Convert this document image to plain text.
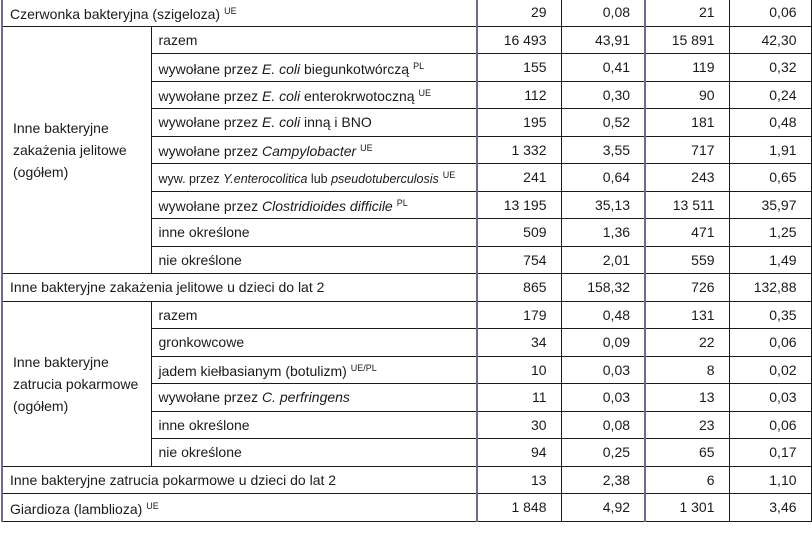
Czerwonka bakteryjna (szigeloza) $^{UE}$		29	0,08	21	0,06

Inne bakteryjne
zakażenia jelitowe
(ogółem)	razem	16 493	43,91	15 891	42,30
	wywołane przez E. coli biegunkotwórczą $^{PL}$	155	0,41	119	0,32
	wywołane przez E. coli enterokrwotoczną $^{UE}$	112	0,30	90	0,24
	wywołane przez E. coli inną i BNO	195	0,52	181	0,48
	wywołane przez Campylobacter $^{UE}$	1 332	3,55	717	1,91
	wyw. przez Y.enterocolitica lub pseudotuberculosis $^{UE}$	241	0,64	243	0,65
	wywołane przez Clostridioides difficile $^{PL}$	13 195	35,13	13 511	35,97
	inne określone	509	1,36	471	1,25
	nie określone	754	2,01	559	1,49
Inne bakteryjne zakażenia jelitowe u dzieci do lat 2		865	158,32	726	132,88

Inne bakteryjne
zatrucia pokarmowe
(ogółem)	razem	179	0,48	131	0,35
	gronkowcowe	34	0,09	22	0,06
	jadem kiełbasianym (botulizm) $^{UE/PL}$	10	0,03	8	0,02
	wywołane przez C. perfringens	11	0,03	13	0,03
	inne określone	30	0,08	23	0,06
	nie określone	94	0,25	65	0,17
Inne bakteryjne zatrucia pokarmowe u dzieci do lat 2		13	2,38	6	1,10
Giardioza (lamblioza) $^{UE}$		1 848	4,92	1 301	3,46
